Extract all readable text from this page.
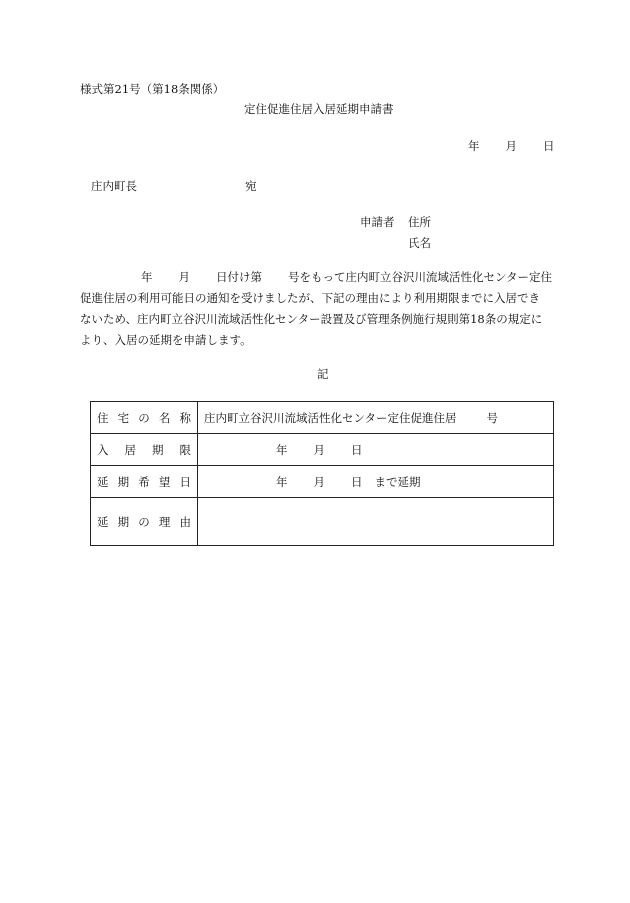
様式第21号（第18条関係）
定住促進住居入居延期申請書
年 月 日
庄内町長	宛
申請者 住所
氏名
年 月 日付け第 号をもって庄内町立谷沢川流域活性化センター定住
促進住居の利用可能日の通知を受けましたが、下記の理由により利用期限までに入居でき
ないため、庄内町立谷沢川流域活性化センター設置及び管理条例施行規則第18条の規定に
より、入居の延期を申請します。
記
住 宅 の 名 称	庄内町立谷沢川流域活性化センター定住促進住居 号

入 居 期 限	年 月 日

延 期 希 望 日	年 月 日 まで延期

延 期 の 理 由	
